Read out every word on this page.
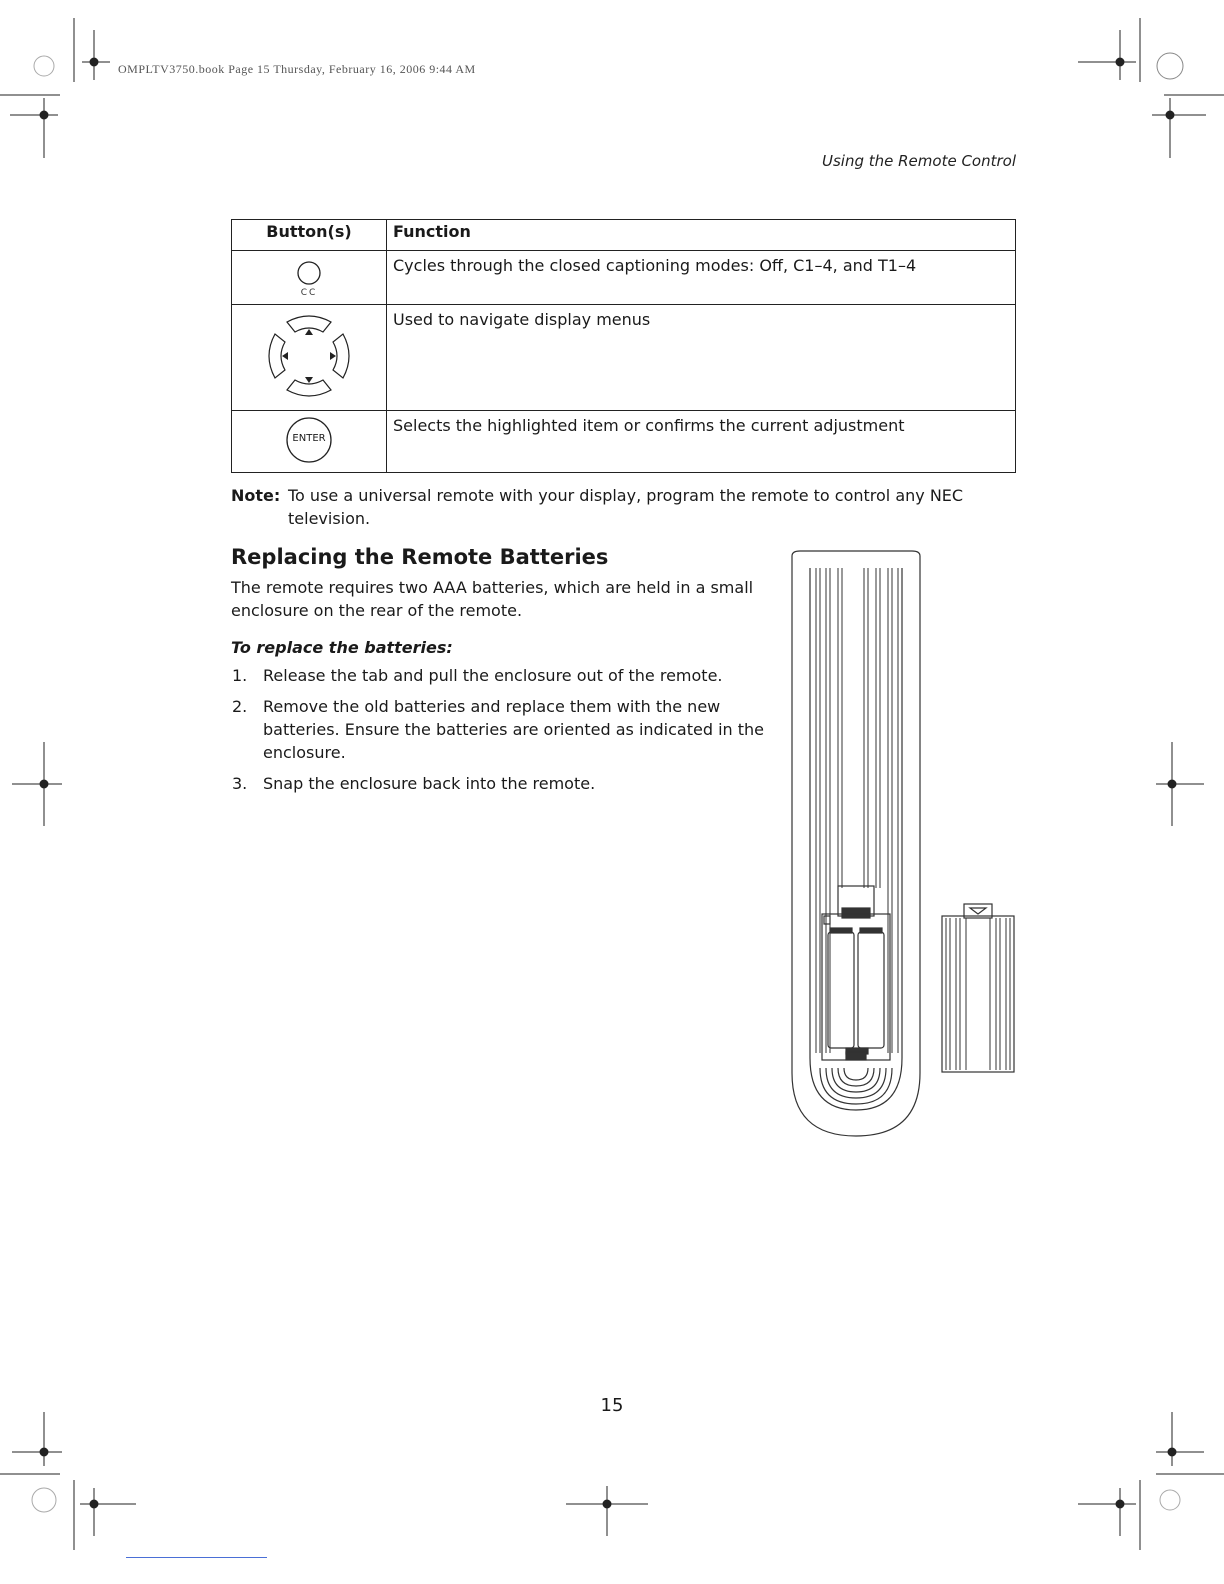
OMPLTV3750.book Page 15 Thursday, February 16, 2006 9:44 AM
Using the Remote Control
Button(s)	Function

CC	Cycles through the closed captioning modes: Off, C1–4, and T1–4
	Used to navigate display menus

ENTER	Selects the highlighted item or confirms the current adjustment
Note: To use a universal remote with your display, program the remote to control any NEC
television.
Replacing the Remote Batteries
The remote requires two AAA batteries, which are held in a small enclosure on the rear of the remote.
To replace the batteries:
1. Release the tab and pull the enclosure out of the remote.
2. Remove the old batteries and replace them with the new batteries. Ensure the batteries are oriented as indicated in the enclosure.
3. Snap the enclosure back into the remote.
15
